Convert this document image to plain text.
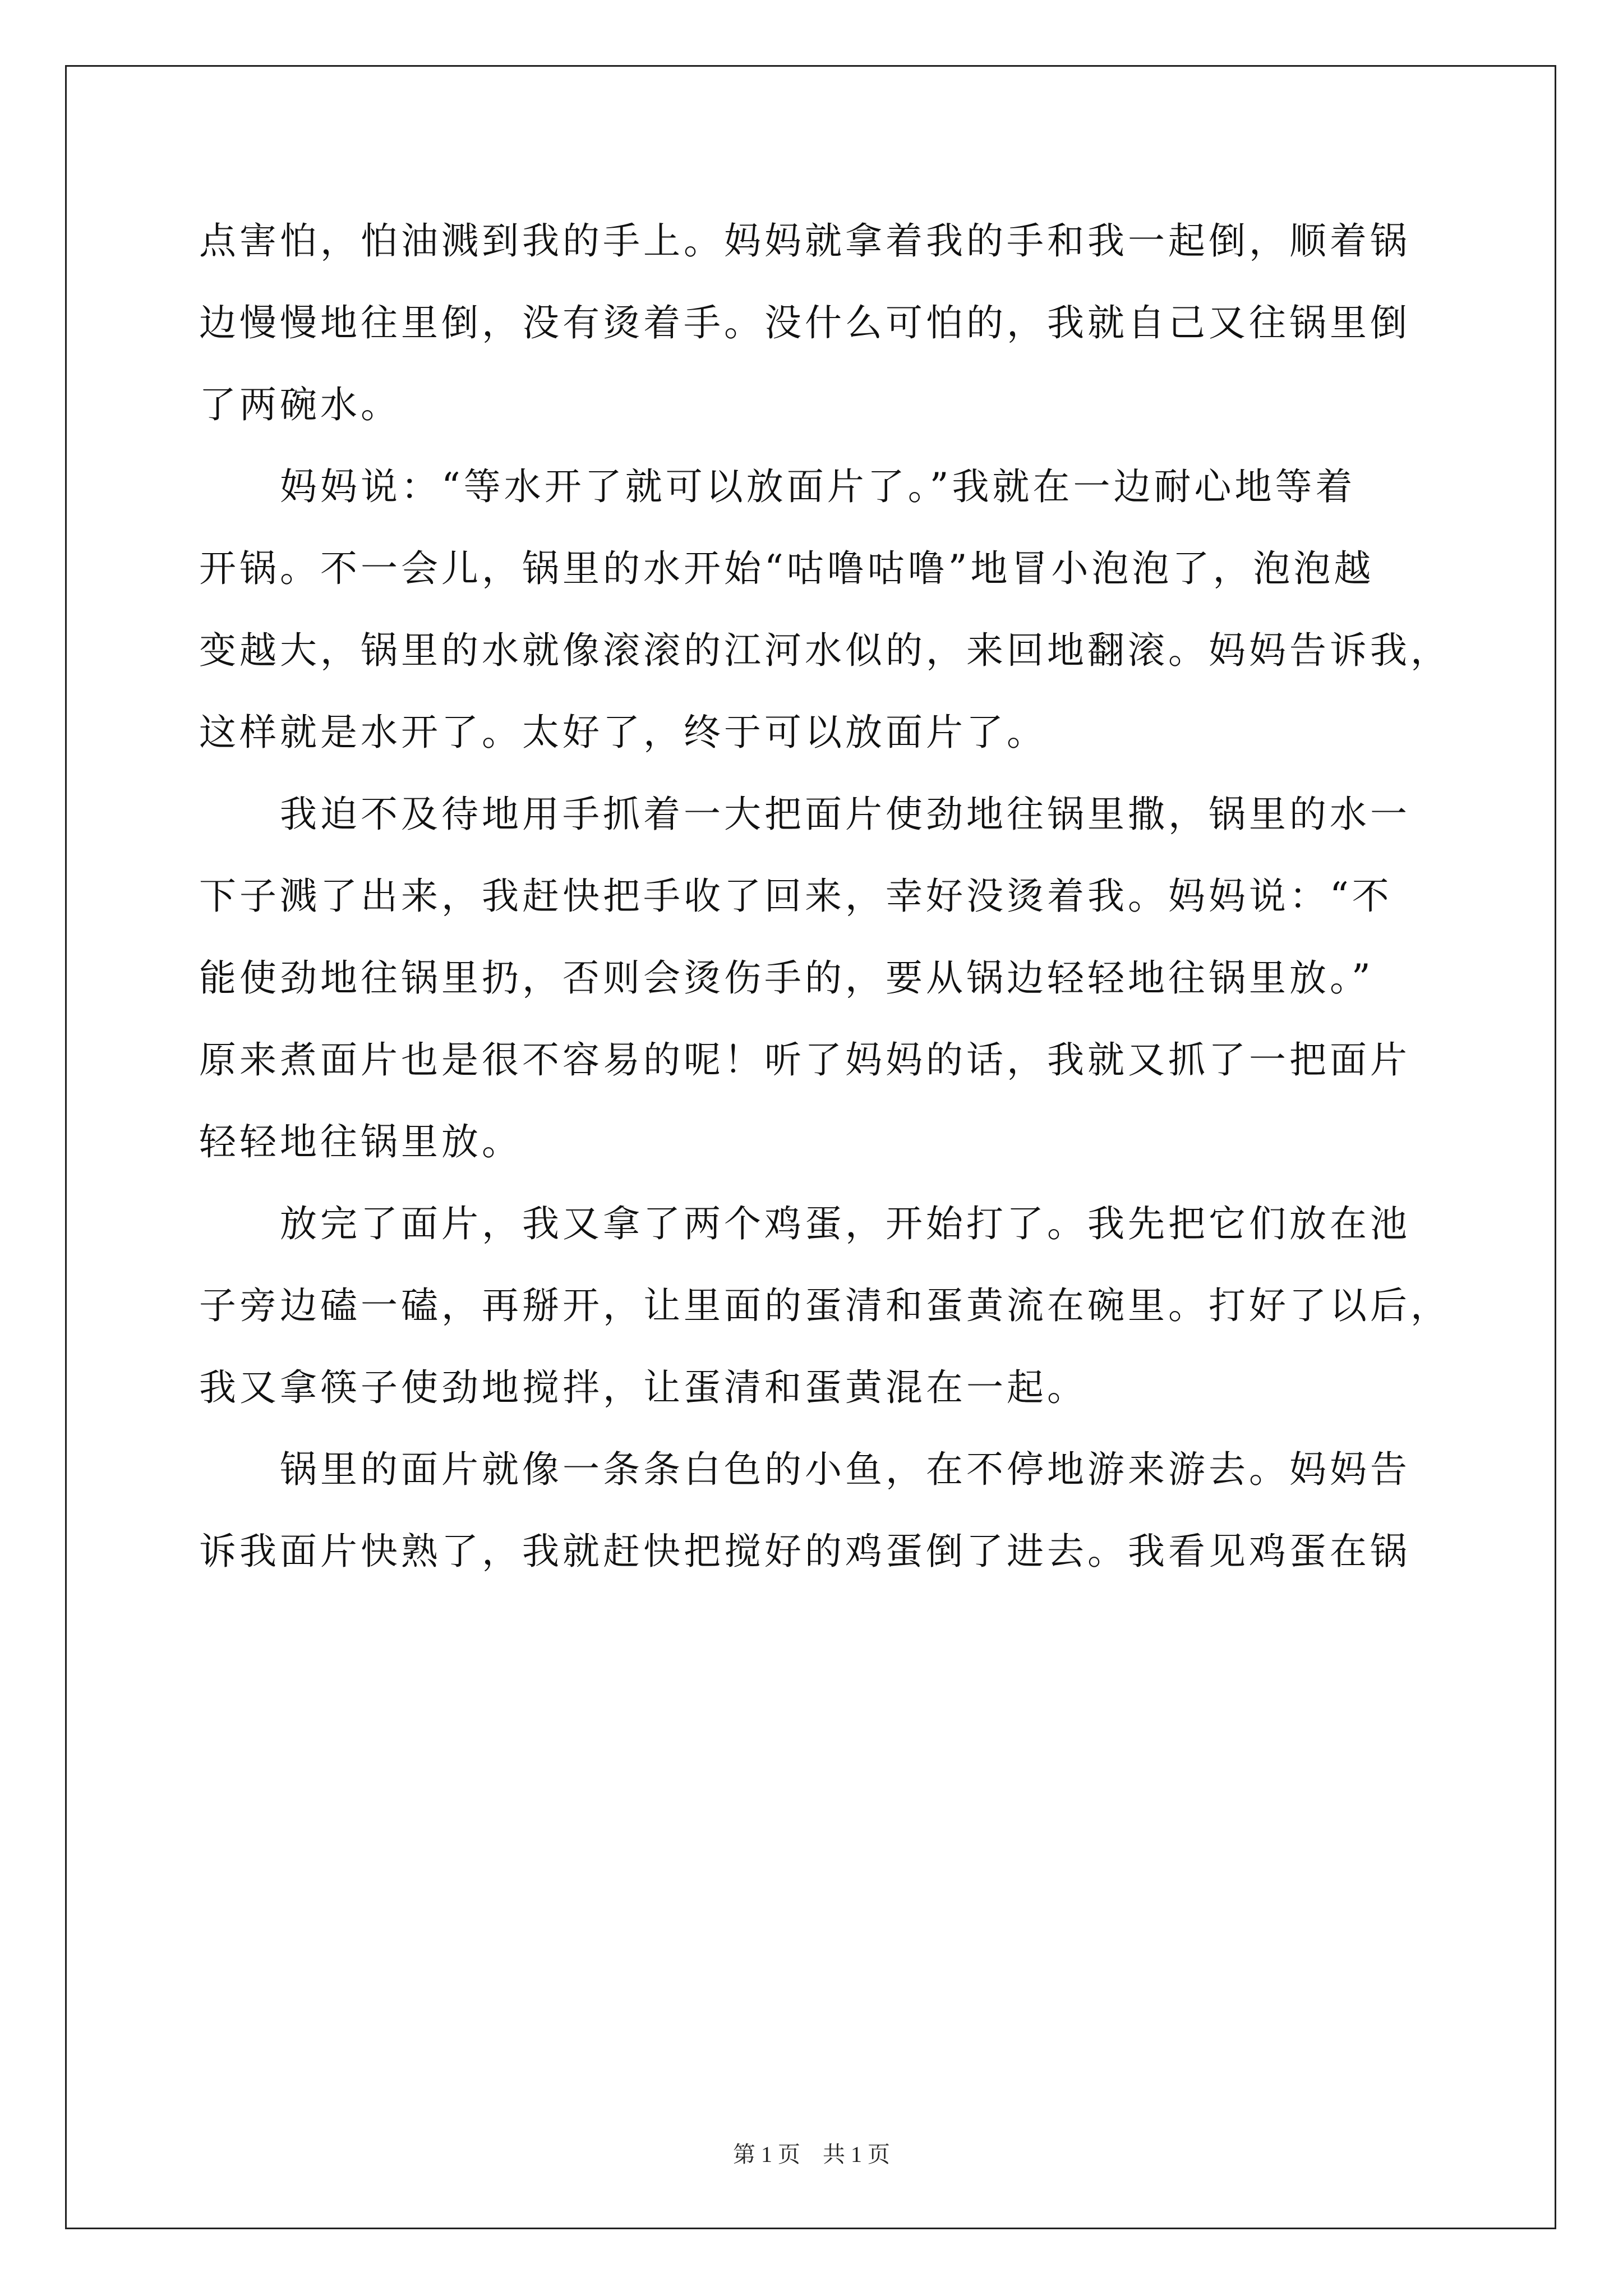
点害怕，怕油溅到我的手上。妈妈就拿着我的手和我一起倒，顺着锅
边慢慢地往里倒，没有烫着手。没什么可怕的，我就自己又往锅里倒
了两碗水。
妈妈说：“等水开了就可以放面片了。”我就在一边耐心地等着
开锅。不一会儿，锅里的水开始“咕噜咕噜”地冒小泡泡了，泡泡越
变越大，锅里的水就像滚滚的江河水似的，来回地翻滚。妈妈告诉我，
这样就是水开了。太好了，终于可以放面片了。
我迫不及待地用手抓着一大把面片使劲地往锅里撒，锅里的水一
下子溅了出来，我赶快把手收了回来，幸好没烫着我。妈妈说：“不
能使劲地往锅里扔，否则会烫伤手的，要从锅边轻轻地往锅里放。”
原来煮面片也是很不容易的呢！听了妈妈的话，我就又抓了一把面片
轻轻地往锅里放。
放完了面片，我又拿了两个鸡蛋，开始打了。我先把它们放在池
子旁边磕一磕，再掰开，让里面的蛋清和蛋黄流在碗里。打好了以后，
我又拿筷子使劲地搅拌，让蛋清和蛋黄混在一起。
锅里的面片就像一条条白色的小鱼，在不停地游来游去。妈妈告
诉我面片快熟了，我就赶快把搅好的鸡蛋倒了进去。我看见鸡蛋在锅
第 1 页　共 1 页
